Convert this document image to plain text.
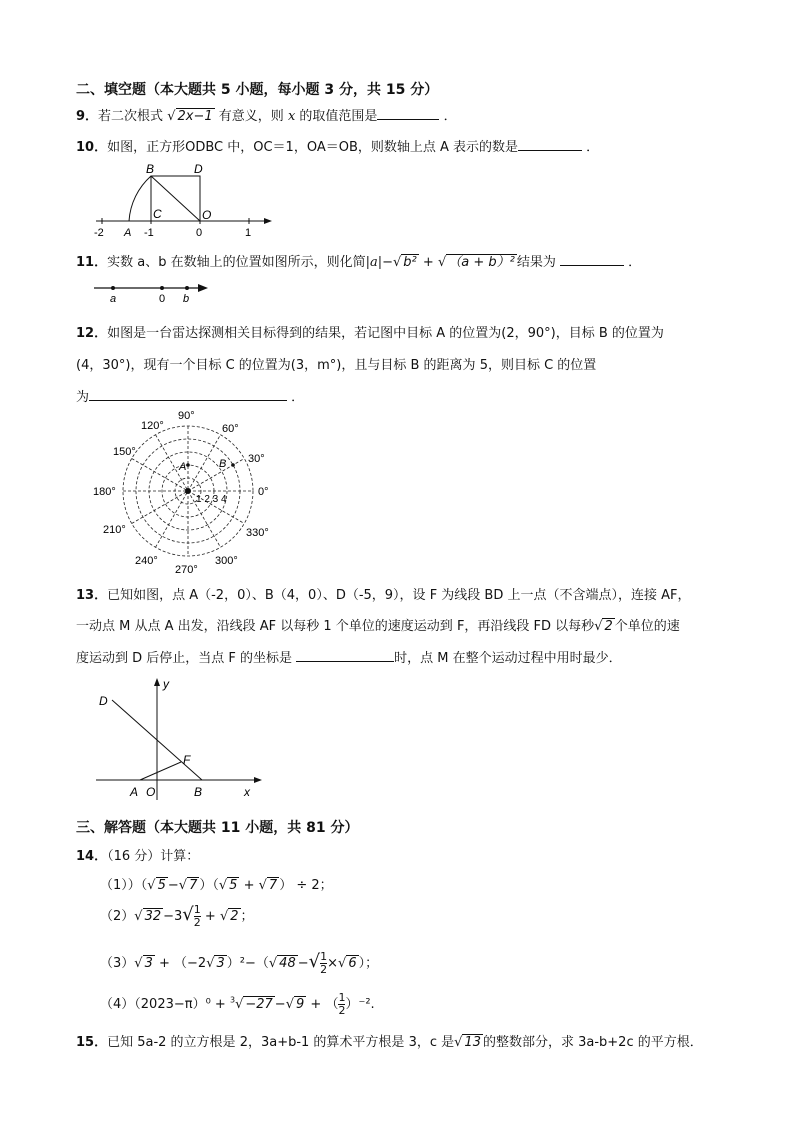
二、填空题（本大题共 5 小题，每小题 3 分，共 15 分）
9．若二次根式 √ 2x−1 有意义，则 x 的取值范围是	．
10．如图，正方形ODBC 中，OC＝1，OA＝OB，则数轴上点 A 表示的数是	．
B	D
C	O
A
-2	-1	0	1
11．实数 a、b 在数轴上的位置如图所示，则化简|a|−√ b² + √ （a + b）² 结果为	．
a	0 b
12．如图是一台雷达探测相关目标得到的结果，若记图中目标 A 的位置为(2，90°)，目标 B 的位置为
(4，30°)，现有一个目标 C 的位置为(3，m°)，且与目标 B 的距离为 5，则目标 C 的位置
为	．
A	B
1 2 3 4
90°
60°
30°
0°
330°
300°
270°
240°
210°
180°
150°
120°
13．已知如图，点 A（-2，0）、B（4，0）、D（-5，9），设 F 为线段 BD 上一点（不含端点），连接 AF，
一动点 M 从点 A 出发，沿线段 AF 以每秒 1 个单位的速度运动到 F，再沿线段 FD 以每秒√ 2 个单位的速
度运动到 D 后停止，当点 F 的坐标是	时，点 M 在整个运动过程中用时最少．
D
F
A O	B	x
y
三、解答题（本大题共 11 小题，共 81 分）
14．（16 分）计算：
（1））（√ 5 −√ 7 ）（√ 5 + √ 7 ） ÷ 2；
（2）√ $32 -3√ \frac{1}{2}$ + √ 2 ；
（3）√ 3 + （−2√ 3 ）²−（√ 48 −√ $\frac{1}{2}$ ×√ 6 ）；
（4）（2023−π）⁰ + $^3$√ −27 −√ 9 + （ $\frac{1}{2} )^{-2}$.
15．已知 5a-2 的立方根是 2，3a+b-1 的算术平方根是 3，c 是√ 13 的整数部分，求 3a-b+2c 的平方根．
